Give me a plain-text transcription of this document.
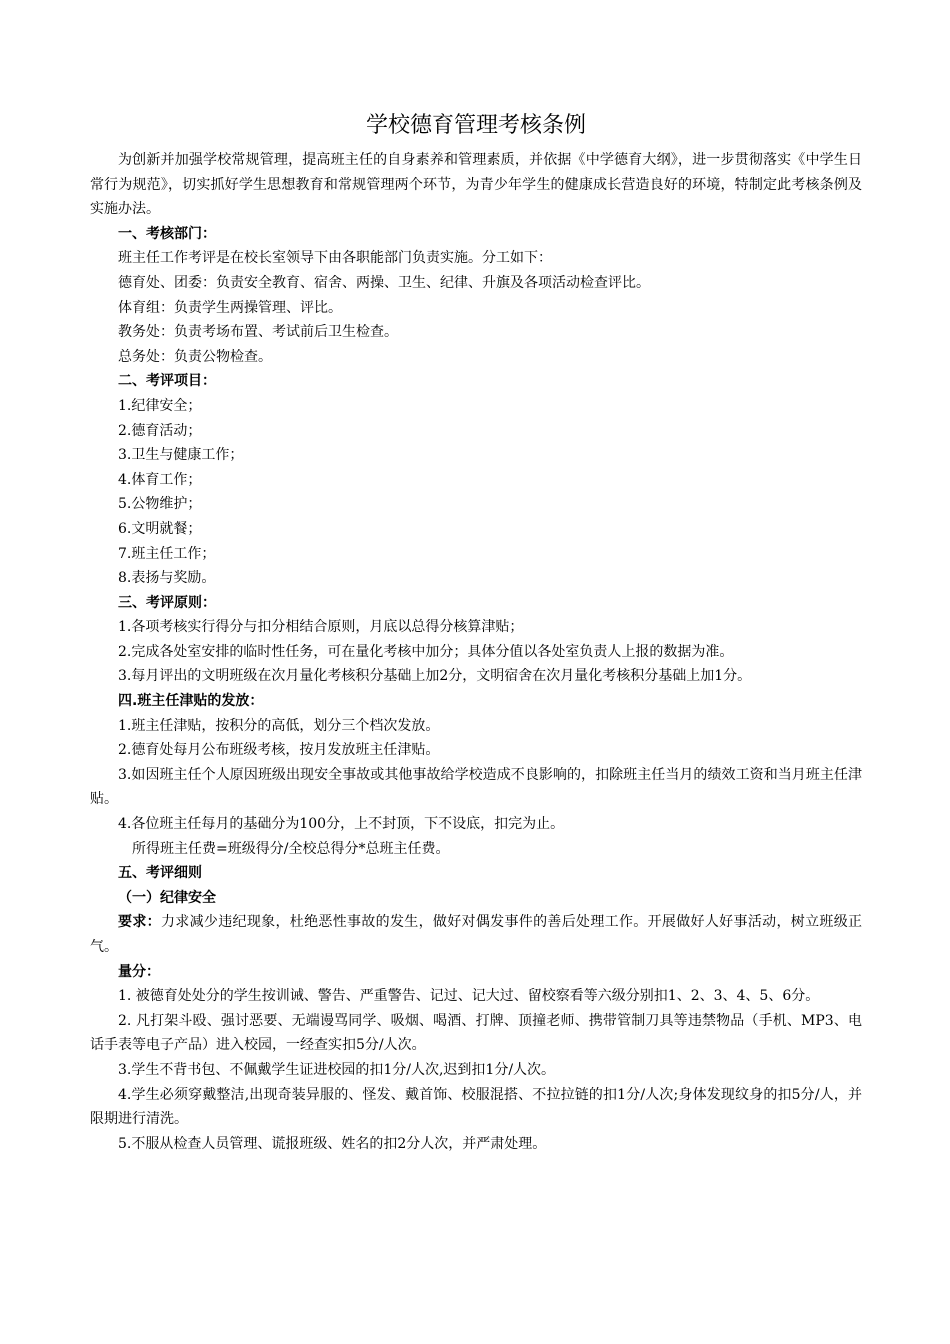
学校德育管理考核条例

为创新并加强学校常规管理，提高班主任的自身素养和管理素质，并依据《中学德育大纲》，进一步贯彻落实《中学生日常行为规范》，切实抓好学生思想教育和常规管理两个环节，为青少年学生的健康成长营造良好的环境，特制定此考核条例及实施办法。

一、考核部门：

班主任工作考评是在校长室领导下由各职能部门负责实施。分工如下：

德育处、团委：负责安全教育、宿舍、两操、卫生、纪律、升旗及各项活动检查评比。

体育组：负责学生两操管理、评比。

教务处：负责考场布置、考试前后卫生检查。

总务处：负责公物检查。

二、考评项目：

1.纪律安全；

2.德育活动；

3.卫生与健康工作；

4.体育工作；

5.公物维护；

6.文明就餐；

7.班主任工作；

8.表扬与奖励。

三、考评原则：

1.各项考核实行得分与扣分相结合原则，月底以总得分核算津贴；

2.完成各处室安排的临时性任务，可在量化考核中加分；具体分值以各处室负责人上报的数据为准。

3.每月评出的文明班级在次月量化考核积分基础上加2分，文明宿舍在次月量化考核积分基础上加1分。

四.班主任津贴的发放：

1.班主任津贴，按积分的高低，划分三个档次发放。

2.德育处每月公布班级考核，按月发放班主任津贴。

3.如因班主任个人原因班级出现安全事故或其他事故给学校造成不良影响的，扣除班主任当月的绩效工资和当月班主任津贴。

4.各位班主任每月的基础分为100分，上不封顶，下不设底，扣完为止。

所得班主任费=班级得分/全校总得分*总班主任费。

五、考评细则

（一）纪律安全

要求：力求减少违纪现象，杜绝恶性事故的发生，做好对偶发事件的善后处理工作。开展做好人好事活动，树立班级正气。

量分：

1. 被德育处处分的学生按训诫、警告、严重警告、记过、记大过、留校察看等六级分别扣1、2、3、4、5、6分。

2. 凡打架斗殴、强讨恶要、无端谩骂同学、吸烟、喝酒、打牌、顶撞老师、携带管制刀具等违禁物品（手机、MP3、电话手表等电子产品）进入校园，一经查实扣5分/人次。

3.学生不背书包、不佩戴学生证进校园的扣1分/人次,迟到扣1分/人次。

4.学生必须穿戴整洁,出现奇装异服的、怪发、戴首饰、校服混搭、不拉拉链的扣1分/人次;身体发现纹身的扣5分/人，并限期进行清洗。

5.不服从检查人员管理、谎报班级、姓名的扣2分人次，并严肃处理。
